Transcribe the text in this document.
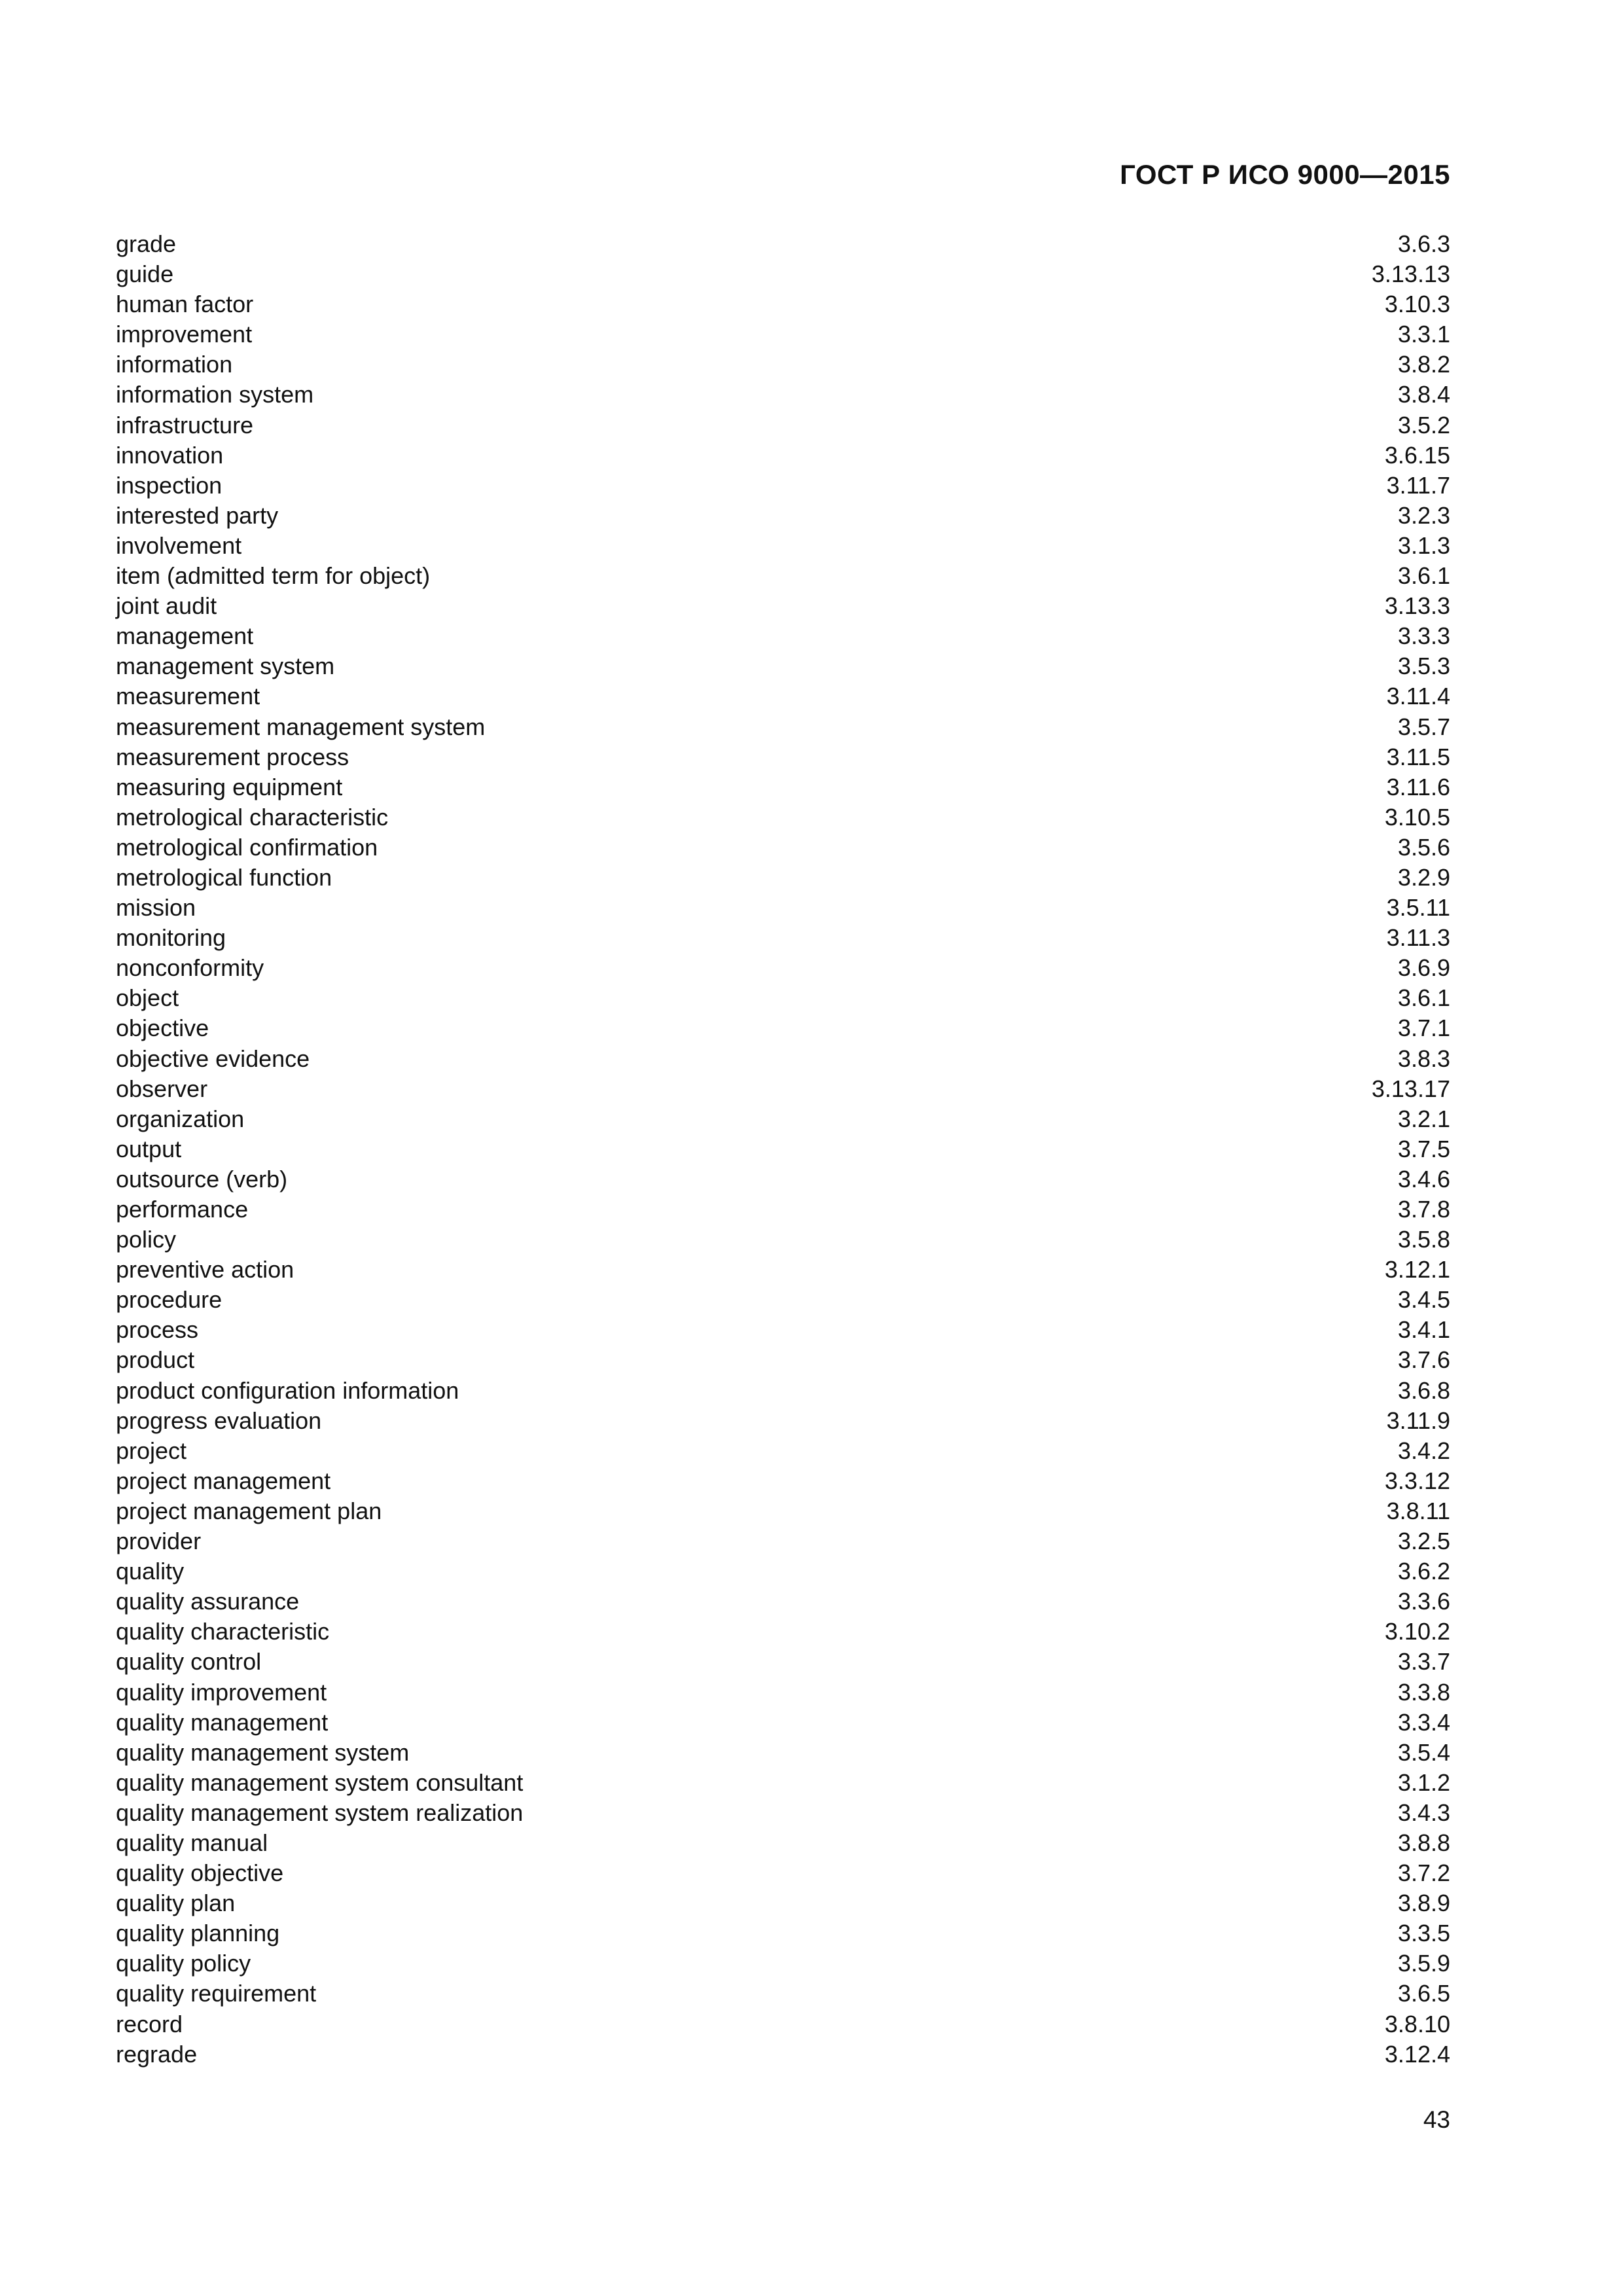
ГОСТ Р ИСО 9000—2015
grade	3.6.3
guide	3.13.13
human factor	3.10.3
improvement	3.3.1
information	3.8.2
information system	3.8.4
infrastructure	3.5.2
innovation	3.6.15
inspection	3.11.7
interested party	3.2.3
involvement	3.1.3
item (admitted term for object)	3.6.1
joint audit	3.13.3
management	3.3.3
management system	3.5.3
measurement	3.11.4
measurement management system	3.5.7
measurement process	3.11.5
measuring equipment	3.11.6
metrological characteristic	3.10.5
metrological confirmation	3.5.6
metrological function	3.2.9
mission	3.5.11
monitoring	3.11.3
nonconformity	3.6.9
object	3.6.1
objective	3.7.1
objective evidence	3.8.3
observer	3.13.17
organization	3.2.1
output	3.7.5
outsource (verb)	3.4.6
performance	3.7.8
policy	3.5.8
preventive action	3.12.1
procedure	3.4.5
process	3.4.1
product	3.7.6
product configuration information	3.6.8
progress evaluation	3.11.9
project	3.4.2
project management	3.3.12
project management plan	3.8.11
provider	3.2.5
quality	3.6.2
quality assurance	3.3.6
quality characteristic	3.10.2
quality control	3.3.7
quality improvement	3.3.8
quality management	3.3.4
quality management system	3.5.4
quality management system consultant	3.1.2
quality management system realization	3.4.3
quality manual	3.8.8
quality objective	3.7.2
quality plan	3.8.9
quality planning	3.3.5
quality policy	3.5.9
quality requirement	3.6.5
record	3.8.10
regrade	3.12.4
43
